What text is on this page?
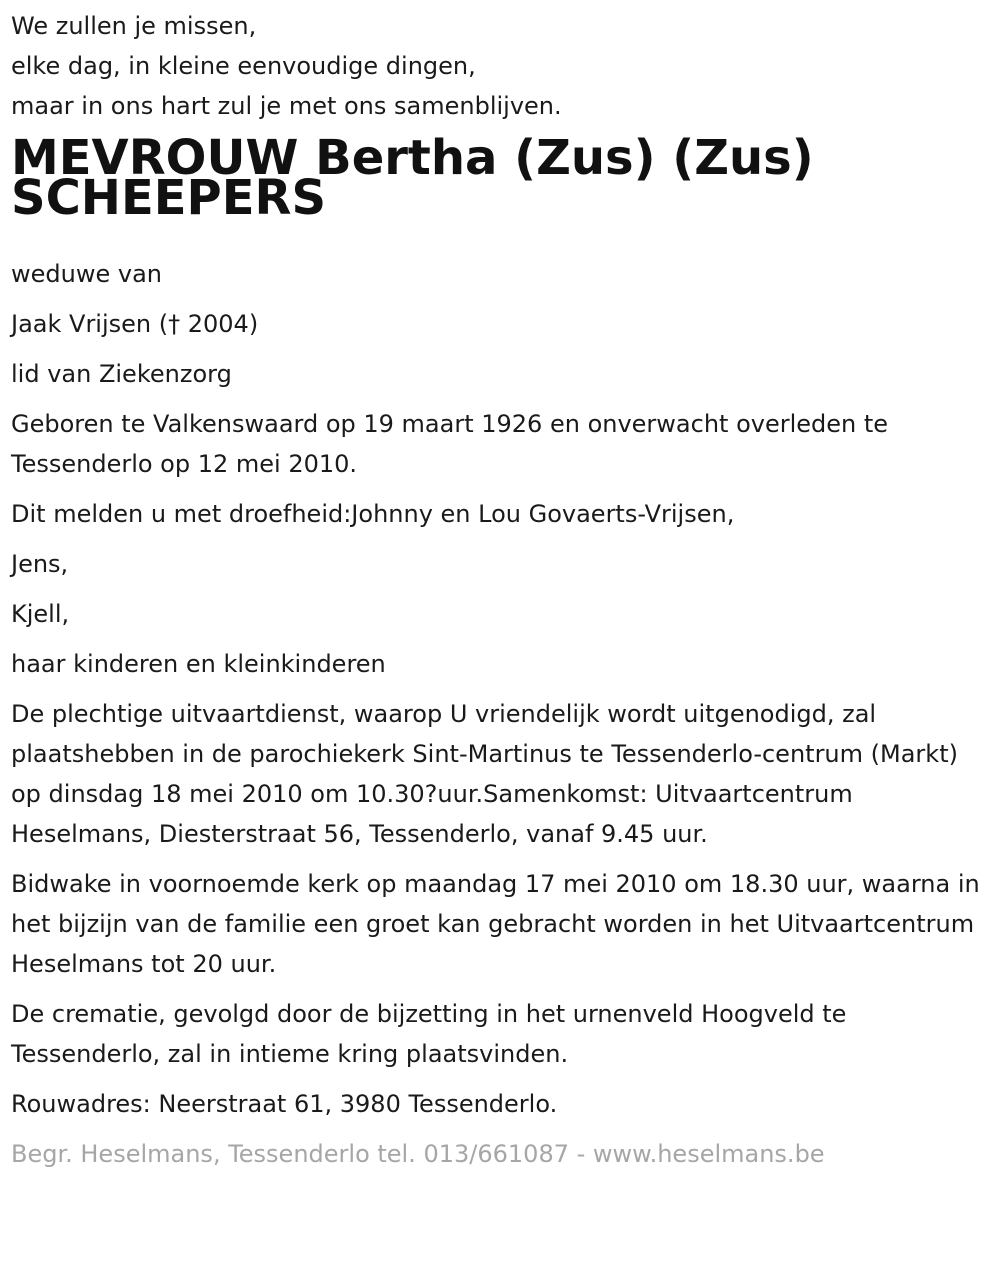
We zullen je missen,
elke dag, in kleine eenvoudige dingen,
maar in ons hart zul je met ons samenblijven.
MEVROUW Bertha (Zus) (Zus) SCHEEPERS

weduwe van

Jaak Vrijsen († 2004)

lid van Ziekenzorg

Geboren te Valkenswaard op 19 maart 1926 en onverwacht overleden te Tessenderlo op 12 mei 2010.

Dit melden u met droefheid:Johnny en Lou Govaerts-Vrijsen,

Jens,

Kjell,

haar kinderen en kleinkinderen

De plechtige uitvaartdienst, waarop U vriendelijk wordt uitgenodigd, zal plaatshebben in de parochiekerk Sint-Martinus te Tessenderlo-centrum (Markt) op dinsdag 18 mei 2010 om 10.30?uur.Samenkomst: Uitvaartcentrum Heselmans, Diesterstraat 56, Tessenderlo, vanaf 9.45 uur.

Bidwake in voornoemde kerk op maandag 17 mei 2010 om 18.30 uur, waarna in het bijzijn van de familie een groet kan gebracht worden in het Uitvaartcentrum Heselmans tot 20 uur.

De crematie, gevolgd door de bijzetting in het urnenveld Hoogveld te Tessenderlo, zal in intieme kring plaatsvinden.

Rouwadres: Neerstraat 61, 3980 Tessenderlo.

Begr. Heselmans, Tessenderlo tel. 013/661087 - www.heselmans.be
